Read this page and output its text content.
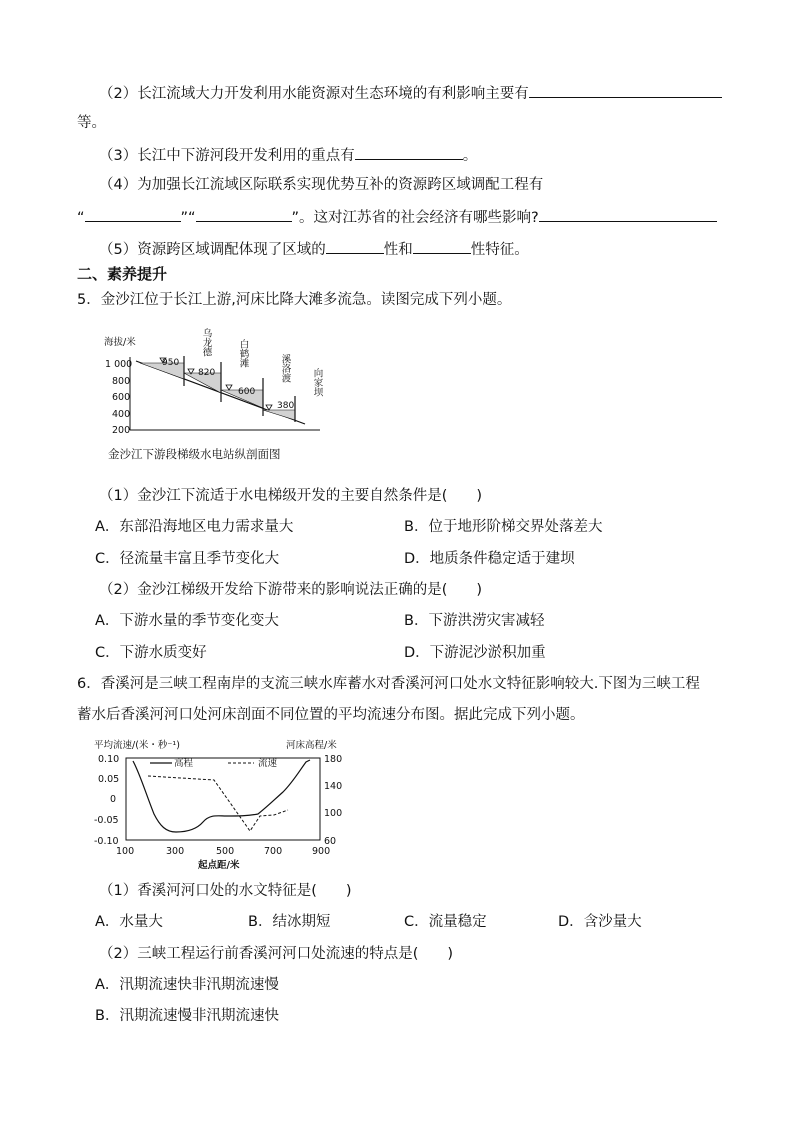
（2）长江流域大力开发利用水能资源对生态环境的有利影响主要有
等。
（3）长江中下游河段开发利用的重点有	。
（4）为加强长江流域区际联系实现优势互补的资源跨区域调配工程有
“	”“	”。这对江苏省的社会经济有哪些影响?
（5）资源跨区域调配体现了区域的	性和	性特征。
二、素养提升
5．金沙江位于长江上游,河床比降大滩多流急。读图完成下列小题。
海拔/米
1 000
800
600
400
200
950
820
600
380
乌龙德
白鹤滩
溪洛渡
向家坝
金沙江下游段梯级水电站纵剖面图
（1）金沙江下流适于水电梯级开发的主要自然条件是(　　)
A．东部沿海地区电力需求量大	B．位于地形阶梯交界处落差大
C．径流量丰富且季节变化大	D．地质条件稳定适于建坝
（2）金沙江梯级开发给下游带来的影响说法正确的是(　　)
A．下游水量的季节变化变大	B．下游洪涝灾害减轻
C．下游水质变好	D．下游泥沙淤积加重
6．香溪河是三峡工程南岸的支流三峡水库蓄水对香溪河河口处水文特征影响较大.下图为三峡工程
蓄水后香溪河河口处河床剖面不同位置的平均流速分布图。据此完成下列小题。
平均流速/(米・秒⁻¹)	河床高程/米
0.10
0.05
0
-0.05
-0.10
180
140
100
60
100	300	500	700	900
起点距/米
高程	流速
（1）香溪河河口处的水文特征是(　　)
A．水量大	B．结冰期短	C．流量稳定	D．含沙量大
（2）三峡工程运行前香溪河河口处流速的特点是(　　)
A．汛期流速快非汛期流速慢
B．汛期流速慢非汛期流速快
